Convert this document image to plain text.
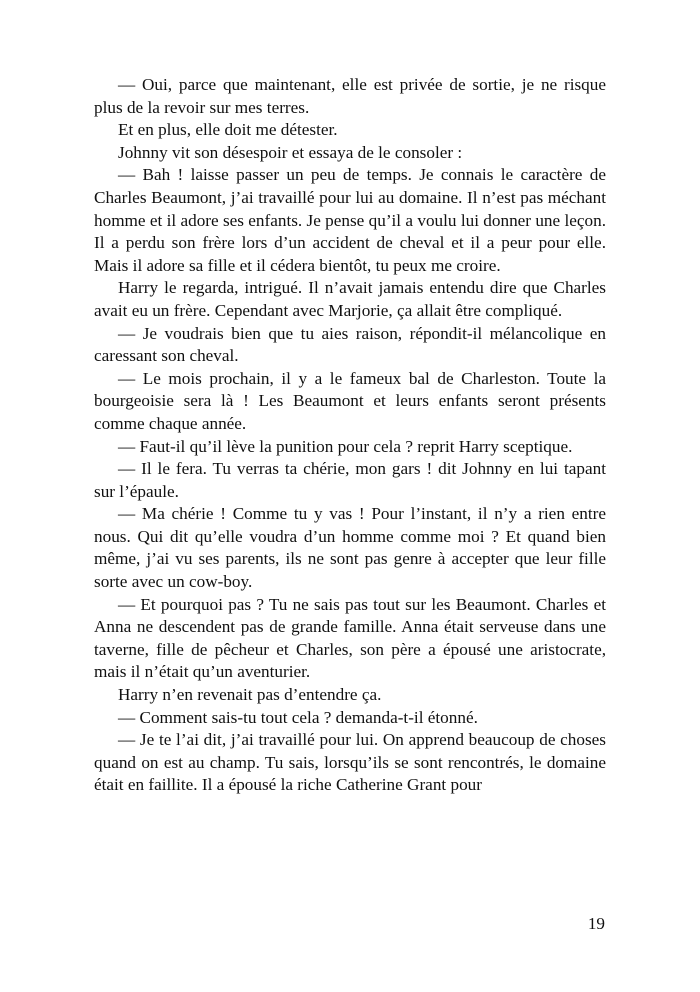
— Oui, parce que maintenant, elle est privée de sortie, je ne risque plus de la revoir sur mes terres.

Et en plus, elle doit me détester.

Johnny vit son désespoir et essaya de le consoler :

— Bah ! laisse passer un peu de temps. Je connais le caractère de Charles Beaumont, j’ai travaillé pour lui au domaine. Il n’est pas méchant homme et il adore ses enfants. Je pense qu’il a voulu lui donner une leçon. Il a perdu son frère lors d’un accident de cheval et il a peur pour elle. Mais il adore sa fille et il cédera bientôt, tu peux me croire.

Harry le regarda, intrigué. Il n’avait jamais entendu dire que Charles avait eu un frère. Cependant avec Marjorie, ça allait être compliqué.

— Je voudrais bien que tu aies raison, répondit-il mélancolique en caressant son cheval.

— Le mois prochain, il y a le fameux bal de Charleston. Toute la bourgeoisie sera là ! Les Beaumont et leurs enfants seront présents comme chaque année.

— Faut-il qu’il lève la punition pour cela ? reprit Harry sceptique.

— Il le fera. Tu verras ta chérie, mon gars ! dit Johnny en lui tapant sur l’épaule.

— Ma chérie ! Comme tu y vas ! Pour l’instant, il n’y a rien entre nous. Qui dit qu’elle voudra d’un homme comme moi ? Et quand bien même, j’ai vu ses parents, ils ne sont pas genre à accepter que leur fille sorte avec un cow-boy.

— Et pourquoi pas ? Tu ne sais pas tout sur les Beaumont. Charles et Anna ne descendent pas de grande famille. Anna était serveuse dans une taverne, fille de pêcheur et Charles, son père a épousé une aristocrate, mais il n’était qu’un aventurier.

Harry n’en revenait pas d’entendre ça.

— Comment sais-tu tout cela ? demanda-t-il étonné.

— Je te l’ai dit, j’ai travaillé pour lui. On apprend beaucoup de choses quand on est au champ. Tu sais, lorsqu’ils se sont rencontrés, le domaine était en faillite. Il a épousé la riche Catherine Grant pour

19
